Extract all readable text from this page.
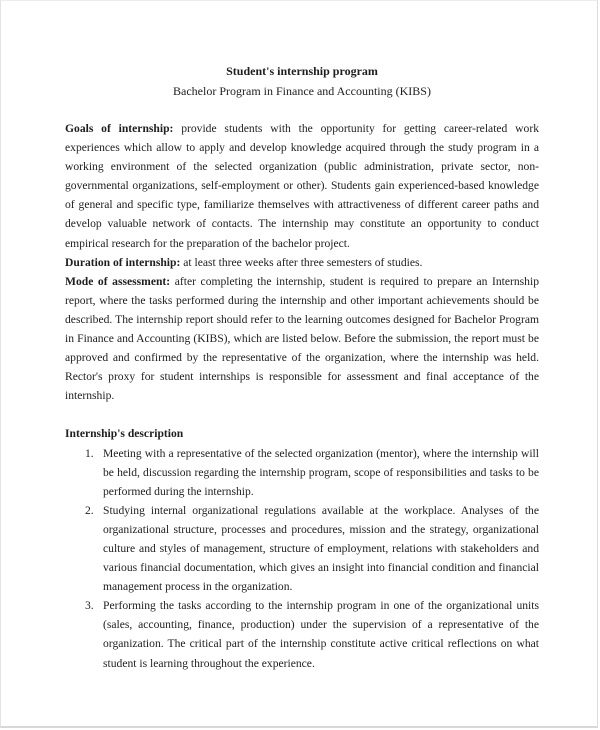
Student's internship program
Bachelor Program in Finance and Accounting (KIBS)

Goals of internship: provide students with the opportunity for getting career-related work experiences which allow to apply and develop knowledge acquired through the study program in a working environment of the selected organization (public administration, private sector, non-governmental organizations, self-employment or other). Students gain experienced-based knowledge of general and specific type, familiarize themselves with attractiveness of different career paths and develop valuable network of contacts. The internship may constitute an opportunity to conduct empirical research for the preparation of the bachelor project.

Duration of internship: at least three weeks after three semesters of studies.

Mode of assessment: after completing the internship, student is required to prepare an Internship report, where the tasks performed during the internship and other important achievements should be described. The internship report should refer to the learning outcomes designed for Bachelor Program in Finance and Accounting (KIBS), which are listed below. Before the submission, the report must be approved and confirmed by the representative of the organization, where the internship was held. Rector's proxy for student internships is responsible for assessment and final acceptance of the internship.

Internship's description
1. Meeting with a representative of the selected organization (mentor), where the internship will be held, discussion regarding the internship program, scope of responsibilities and tasks to be performed during the internship.
2. Studying internal organizational regulations available at the workplace. Analyses of the organizational structure, processes and procedures, mission and the strategy, organizational culture and styles of management, structure of employment, relations with stakeholders and various financial documentation, which gives an insight into financial condition and financial management process in the organization.
3. Performing the tasks according to the internship program in one of the organizational units (sales, accounting, finance, production) under the supervision of a representative of the organization. The critical part of the internship constitute active critical reflections on what student is learning throughout the experience.
